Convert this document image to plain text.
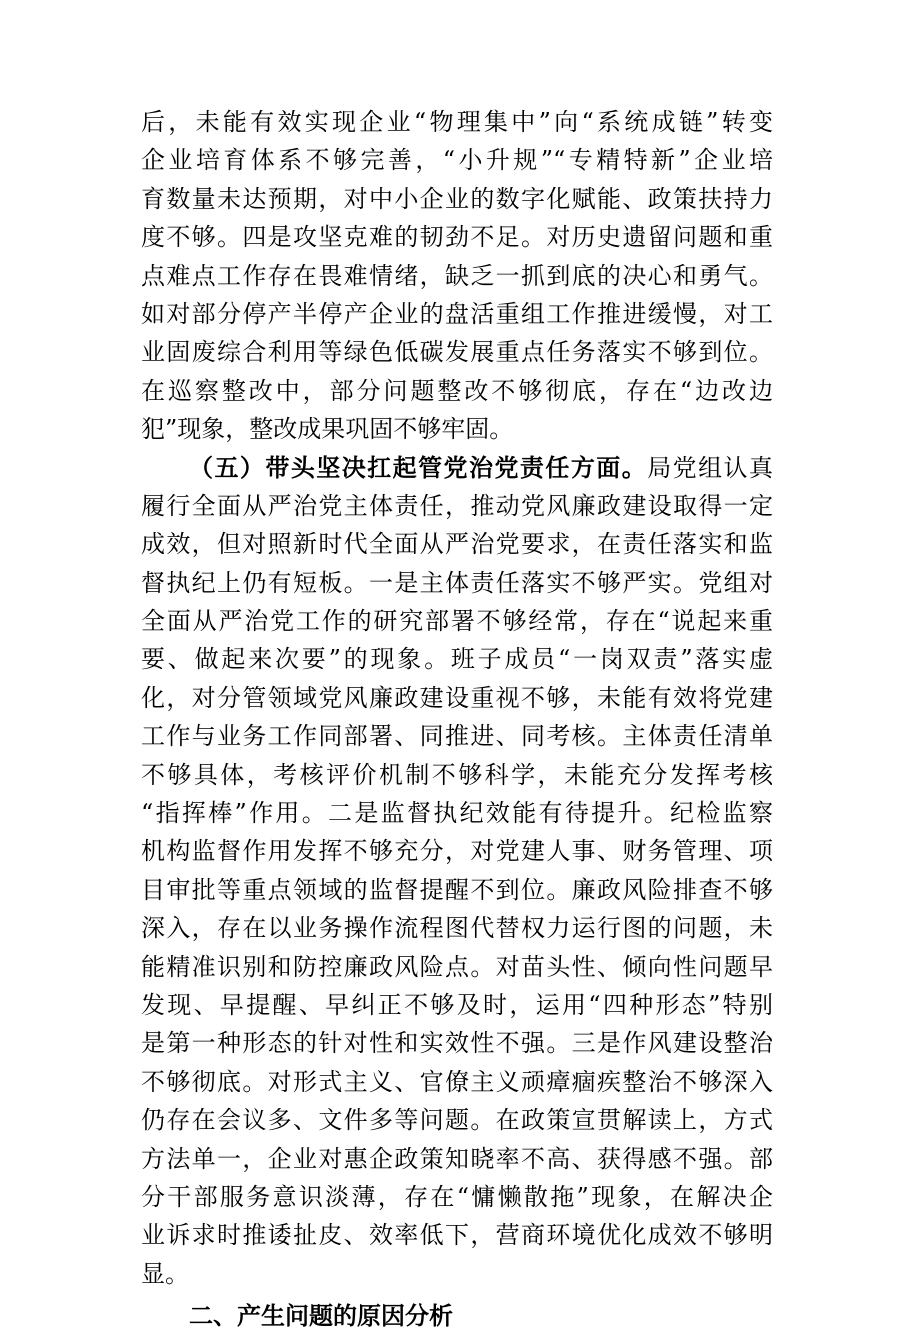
后，未能有效实现企业“物理集中”向“系统成链”转变
企业培育体系不够完善，“小升规”“专精特新”企业培
育数量未达预期，对中小企业的数字化赋能、政策扶持力
度不够。四是攻坚克难的韧劲不足。对历史遗留问题和重
点难点工作存在畏难情绪，缺乏一抓到底的决心和勇气。
如对部分停产半停产企业的盘活重组工作推进缓慢，对工
业固废综合利用等绿色低碳发展重点任务落实不够到位。
在巡察整改中，部分问题整改不够彻底，存在“边改边
犯”现象，整改成果巩固不够牢固。
（五）带头坚决扛起管党治党责任方面。局党组认真
履行全面从严治党主体责任，推动党风廉政建设取得一定
成效，但对照新时代全面从严治党要求，在责任落实和监
督执纪上仍有短板。一是主体责任落实不够严实。党组对
全面从严治党工作的研究部署不够经常，存在“说起来重
要、做起来次要”的现象。班子成员“一岗双责”落实虚
化，对分管领域党风廉政建设重视不够，未能有效将党建
工作与业务工作同部署、同推进、同考核。主体责任清单
不够具体，考核评价机制不够科学，未能充分发挥考核
“指挥棒”作用。二是监督执纪效能有待提升。纪检监察
机构监督作用发挥不够充分，对党建人事、财务管理、项
目审批等重点领域的监督提醒不到位。廉政风险排查不够
深入，存在以业务操作流程图代替权力运行图的问题，未
能精准识别和防控廉政风险点。对苗头性、倾向性问题早
发现、早提醒、早纠正不够及时，运用“四种形态”特别
是第一种形态的针对性和实效性不强。三是作风建设整治
不够彻底。对形式主义、官僚主义顽瘴痼疾整治不够深入
仍存在会议多、文件多等问题。在政策宣贯解读上，方式
方法单一，企业对惠企政策知晓率不高、获得感不强。部
分干部服务意识淡薄，存在“慵懒散拖”现象，在解决企
业诉求时推诿扯皮、效率低下，营商环境优化成效不够明
显。
二、产生问题的原因分析
